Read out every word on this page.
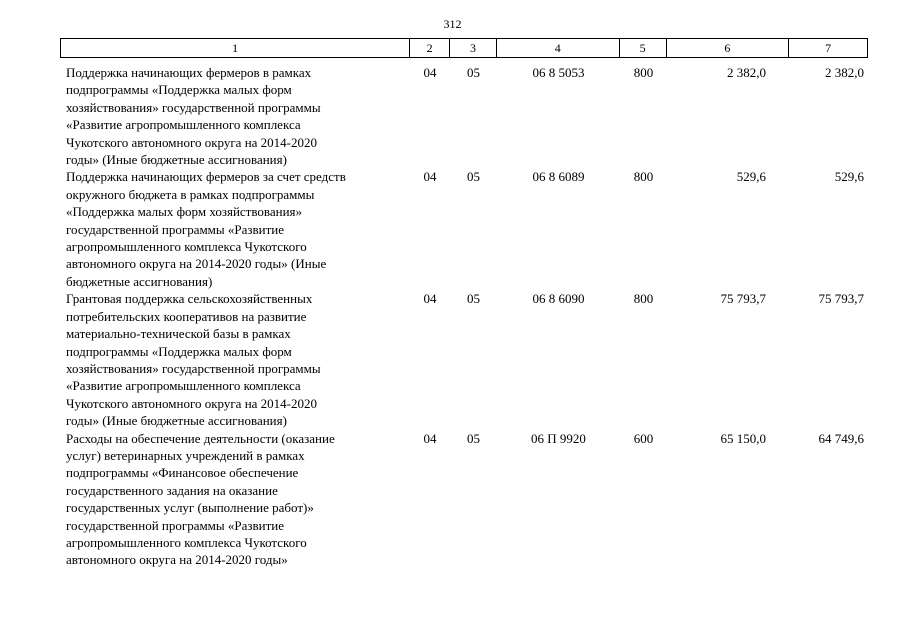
312
1	2	3	4	5	6	7
Поддержка начинающих фермеров в рамках
подпрограммы «Поддержка малых форм
хозяйствования» государственной программы
«Развитие агропромышленного комплекса
Чукотского автономного округа на 2014-2020
годы» (Иные бюджетные ассигнования)
04	05	06 8 5053	800	2 382,0	2 382,0
Поддержка начинающих фермеров за счет средств
окружного бюджета в рамках подпрограммы
«Поддержка малых форм хозяйствования»
государственной программы «Развитие
агропромышленного комплекса Чукотского
автономного округа на 2014-2020 годы» (Иные
бюджетные ассигнования)
04	05	06 8 6089	800	529,6	529,6
Грантовая поддержка сельскохозяйственных
потребительских кооперативов на развитие
материально-технической базы в рамках
подпрограммы «Поддержка малых форм
хозяйствования» государственной программы
«Развитие агропромышленного комплекса
Чукотского автономного округа на 2014-2020
годы» (Иные бюджетные ассигнования)
04	05	06 8 6090	800	75 793,7	75 793,7
Расходы на обеспечение деятельности (оказание
услуг) ветеринарных учреждений в рамках
подпрограммы «Финансовое обеспечение
государственного задания на оказание
государственных услуг (выполнение работ)»
государственной программы «Развитие
агропромышленного комплекса Чукотского
автономного округа на 2014-2020 годы»
04	05	06 П 9920	600	65 150,0	64 749,6
